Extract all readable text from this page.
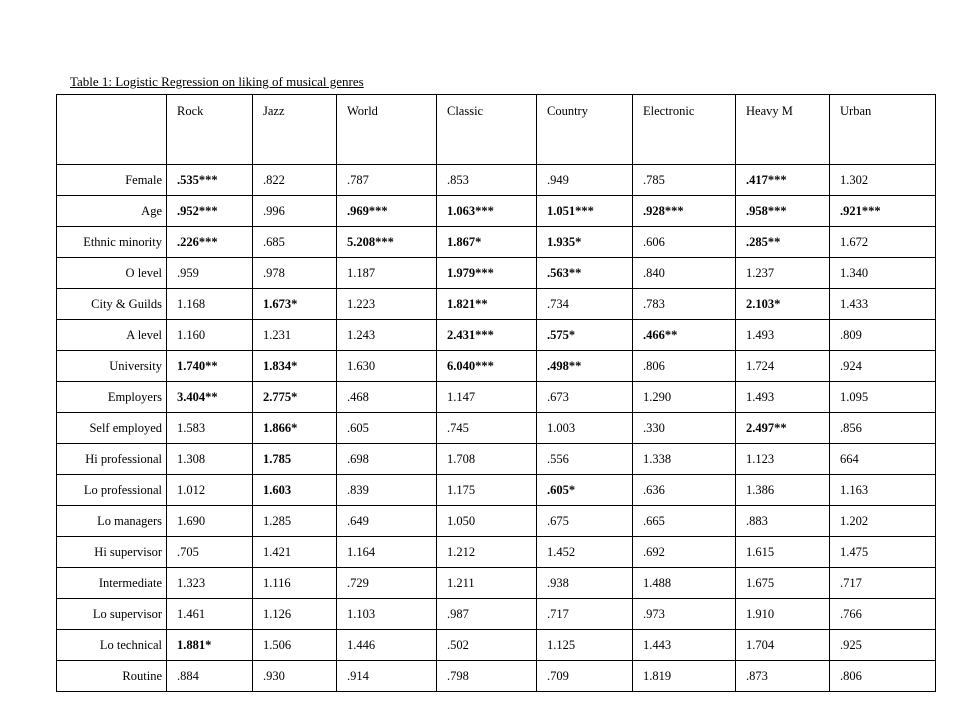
Table 1: Logistic Regression on liking of musical genres
	Rock	Jazz	World	Classic	Country	Electronic	Heavy M	Urban
Female	.535***	.822	.787	.853	.949	.785	.417***	1.302
Age	.952***	.996	.969***	1.063***	1.051***	.928***	.958***	.921***
Ethnic minority	.226***	.685	5.208***	1.867*	1.935*	.606	.285**	1.672
O level	.959	.978	1.187	1.979***	.563**	.840	1.237	1.340
City & Guilds	1.168	1.673*	1.223	1.821**	.734	.783	2.103*	1.433
A level	1.160	1.231	1.243	2.431***	.575*	.466**	1.493	.809
University	1.740**	1.834*	1.630	6.040***	.498**	.806	1.724	.924
Employers	3.404**	2.775*	.468	1.147	.673	1.290	1.493	1.095
Self employed	1.583	1.866*	.605	.745	1.003	.330	2.497**	.856
Hi professional	1.308	1.785	.698	1.708	.556	1.338	1.123	664
Lo professional	1.012	1.603	.839	1.175	.605*	.636	1.386	1.163
Lo managers	1.690	1.285	.649	1.050	.675	.665	.883	1.202
Hi supervisor	.705	1.421	1.164	1.212	1.452	.692	1.615	1.475
Intermediate	1.323	1.116	.729	1.211	.938	1.488	1.675	.717
Lo supervisor	1.461	1.126	1.103	.987	.717	.973	1.910	.766
Lo technical	1.881*	1.506	1.446	.502	1.125	1.443	1.704	.925
Routine	.884	.930	.914	.798	.709	1.819	.873	.806
